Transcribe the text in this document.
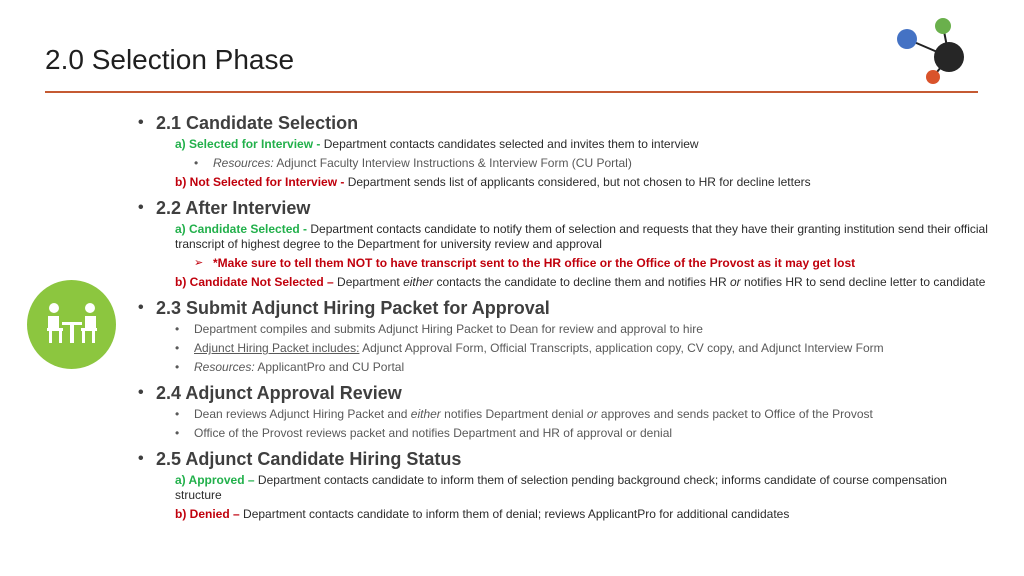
2.0 Selection Phase
• 2.1 Candidate Selection
a) Selected for Interview - Department contacts candidates selected and invites them to interview
• Resources: Adjunct Faculty Interview Instructions & Interview Form (CU Portal)
b) Not Selected for Interview - Department sends list of applicants considered, but not chosen to HR for decline letters
• 2.2 After Interview
a) Candidate Selected - Department contacts candidate to notify them of selection and requests that they have their granting institution send their official transcript of highest degree to the Department for university review and approval
➢ *Make sure to tell them NOT to have transcript sent to the HR office or the Office of the Provost as it may get lost
b) Candidate Not Selected – Department either contacts the candidate to decline them and notifies HR or notifies HR to send decline letter to candidate
• 2.3 Submit Adjunct Hiring Packet for Approval
• Department compiles and submits Adjunct Hiring Packet to Dean for review and approval to hire
• Adjunct Hiring Packet includes: Adjunct Approval Form, Official Transcripts, application copy, CV copy, and Adjunct Interview Form
• Resources: ApplicantPro and CU Portal
• 2.4 Adjunct Approval Review
• Dean reviews Adjunct Hiring Packet and either notifies Department denial or approves and sends packet to Office of the Provost
• Office of the Provost reviews packet and notifies Department and HR of approval or denial
• 2.5 Adjunct Candidate Hiring Status
a) Approved – Department contacts candidate to inform them of selection pending background check; informs candidate of course compensation structure
b) Denied – Department contacts candidate to inform them of denial; reviews ApplicantPro for additional candidates
